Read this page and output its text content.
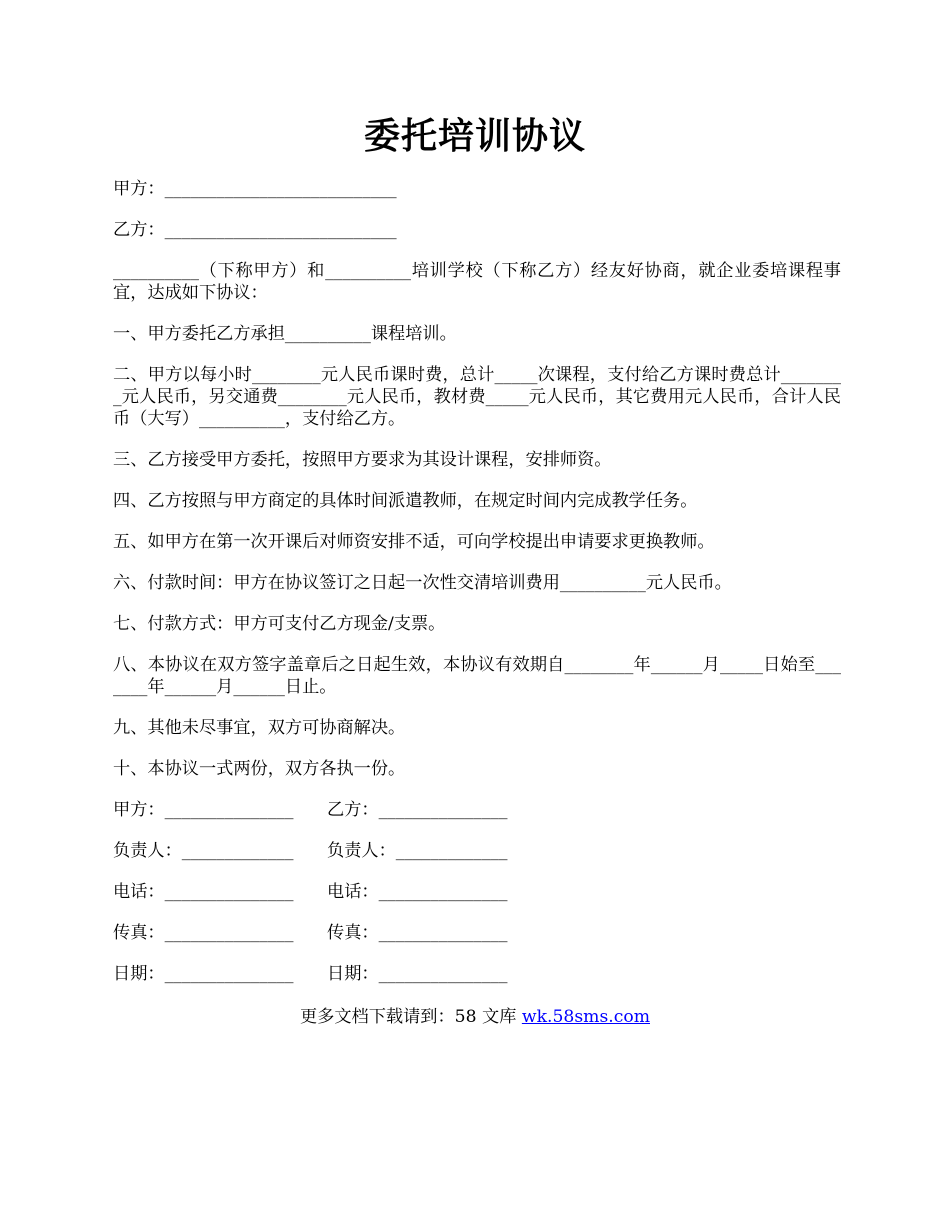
委托培训协议

甲方：___________________________

乙方：___________________________

__________（下称甲方）和__________培训学校（下称乙方）经友好协商，就企业委培课程事宜，达成如下协议：

一、甲方委托乙方承担__________课程培训。

二、甲方以每小时________元人民币课时费，总计_____次课程，支付给乙方课时费总计________元人民币，另交通费________元人民币，教材费_____元人民币，其它费用元人民币，合计人民币（大写）__________，支付给乙方。

三、乙方接受甲方委托，按照甲方要求为其设计课程，安排师资。

四、乙方按照与甲方商定的具体时间派遣教师，在规定时间内完成教学任务。

五、如甲方在第一次开课后对师资安排不适，可向学校提出申请要求更换教师。

六、付款时间：甲方在协议签订之日起一次性交清培训费用__________元人民币。

七、付款方式：甲方可支付乙方现金/支票。

八、本协议在双方签字盖章后之日起生效，本协议有效期自________年______月_____日始至_______年______月______日止。

九、其他未尽事宜，双方可协商解决。

十、本协议一式两份，双方各执一份。

甲方：_______________	乙方：_______________
负责人：_____________	负责人：_____________
电话：_______________	电话：_______________
传真：_______________	传真：_______________
日期：_______________	日期：_______________
更多文档下载请到：58 文库 wk.58sms.com
